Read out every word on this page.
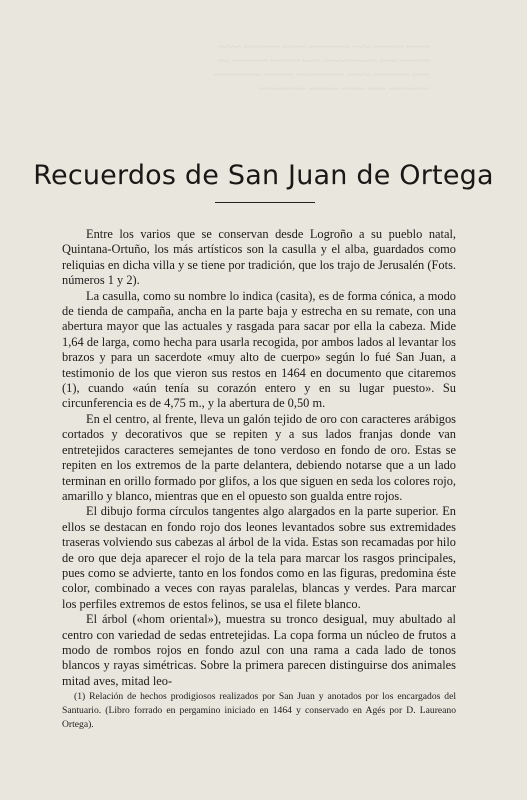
~~~~ ~~~~~ ~~~ ~~~~~~~ ~~~~ ~~~~~~ ~~~~
~~~~~ ~~~ ~~~~~~~~~ ~~~ ~~~~~ ~~~~~~ ~~
~~~ ~~~~~~ ~~~~ ~~~~~~~~ ~~~~~ ~~~~~~~~
~~~~~~~ ~~~ ~~~~ ~~~~~ ~~~~~~~~
Recuerdos de San Juan de Ortega

Entre los varios que se conservan desde Logroño a su pueblo natal, Quintana-Ortuño, los más artísticos son la casulla y el alba, guardados como reliquias en dicha villa y se tiene por tradición, que los trajo de Jerusalén (Fots. números 1 y 2).

La casulla, como su nombre lo indica (casita), es de forma cónica, a modo de tienda de campaña, ancha en la parte baja y estrecha en su remate, con una abertura mayor que las actuales y rasgada para sacar por ella la cabeza. Mide 1,64 de larga, como hecha para usarla recogida, por ambos lados al levantar los brazos y para un sacerdote «muy alto de cuerpo» según lo fué San Juan, a testimonio de los que vieron sus restos en 1464 en documento que citaremos (1), cuando «aún tenía su corazón entero y en su lugar puesto». Su circunferencia es de 4,75 m., y la abertura de 0,50 m.

En el centro, al frente, lleva un galón tejido de oro con caracteres arábigos cortados y decorativos que se repiten y a sus lados franjas donde van entretejidos caracteres semejantes de tono verdoso en fondo de oro. Estas se repiten en los extremos de la parte delantera, debiendo notarse que a un lado terminan en orillo formado por glifos, a los que siguen en seda los colores rojo, amarillo y blanco, mientras que en el opuesto son gualda entre rojos.

El dibujo forma círculos tangentes algo alargados en la parte superior. En ellos se destacan en fondo rojo dos leones levantados sobre sus extremidades traseras volviendo sus cabezas al árbol de la vida. Estas son recamadas por hilo de oro que deja aparecer el rojo de la tela para marcar los rasgos principales, pues como se advierte, tanto en los fondos como en las figuras, predomina éste color, combinado a veces con rayas paralelas, blancas y verdes. Para marcar los perfiles extremos de estos felinos, se usa el filete blanco.

El árbol («hom oriental»), muestra su tronco desigual, muy abultado al centro con variedad de sedas entretejidas. La copa forma un núcleo de frutos a modo de rombos rojos en fondo azul con una rama a cada lado de tonos blancos y rayas simétricas. Sobre la primera parecen distinguirse dos animales mitad aves, mitad leo-

(1) Relación de hechos prodigiosos realizados por San Juan y anotados por los encargados del Santuario. (Libro forrado en pergamino iniciado en 1464 y conservado en Agés por D. Laureano Ortega).
